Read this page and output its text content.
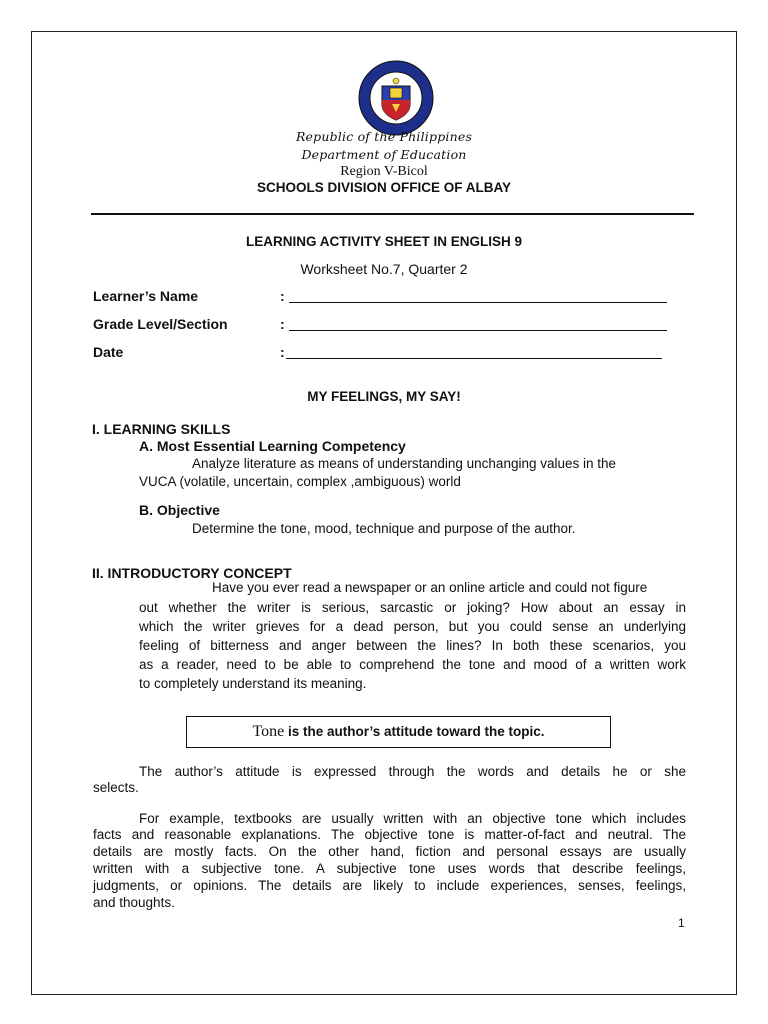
Republic of the Philippines
Department of Education
Region V-Bicol
SCHOOLS DIVISION OFFICE OF ALBAY
LEARNING ACTIVITY SHEET IN ENGLISH 9
Worksheet No.7, Quarter 2
Learner’s Name	:
Grade Level/Section	:
Date	:
MY FEELINGS, MY SAY!
I. LEARNING SKILLS
A. Most Essential Learning Competency
Analyze literature as means of understanding unchanging values in the
VUCA (volatile, uncertain, complex ,ambiguous) world
B. Objective
Determine the tone, mood, technique and purpose of the author.
II. INTRODUCTORY CONCEPT
Have you ever read a newspaper or an online article and could not figure
out whether the writer is serious, sarcastic or joking? How about an essay in
which the writer grieves for a dead person, but you could sense an underlying
feeling of bitterness and anger between the lines? In both these scenarios, you
as a reader, need to be able to comprehend the tone and mood of a written work
to completely understand its meaning.
Tone is the author’s attitude toward the topic.
The author’s attitude is expressed through the words and details he or she
selects.
For example, textbooks are usually written with an objective tone which includes
facts and reasonable explanations. The objective tone is matter-of-fact and neutral. The
details are mostly facts. On the other hand, fiction and personal essays are usually
written with a subjective tone. A subjective tone uses words that describe feelings,
judgments, or opinions. The details are likely to include experiences, senses, feelings,
and thoughts.
1
